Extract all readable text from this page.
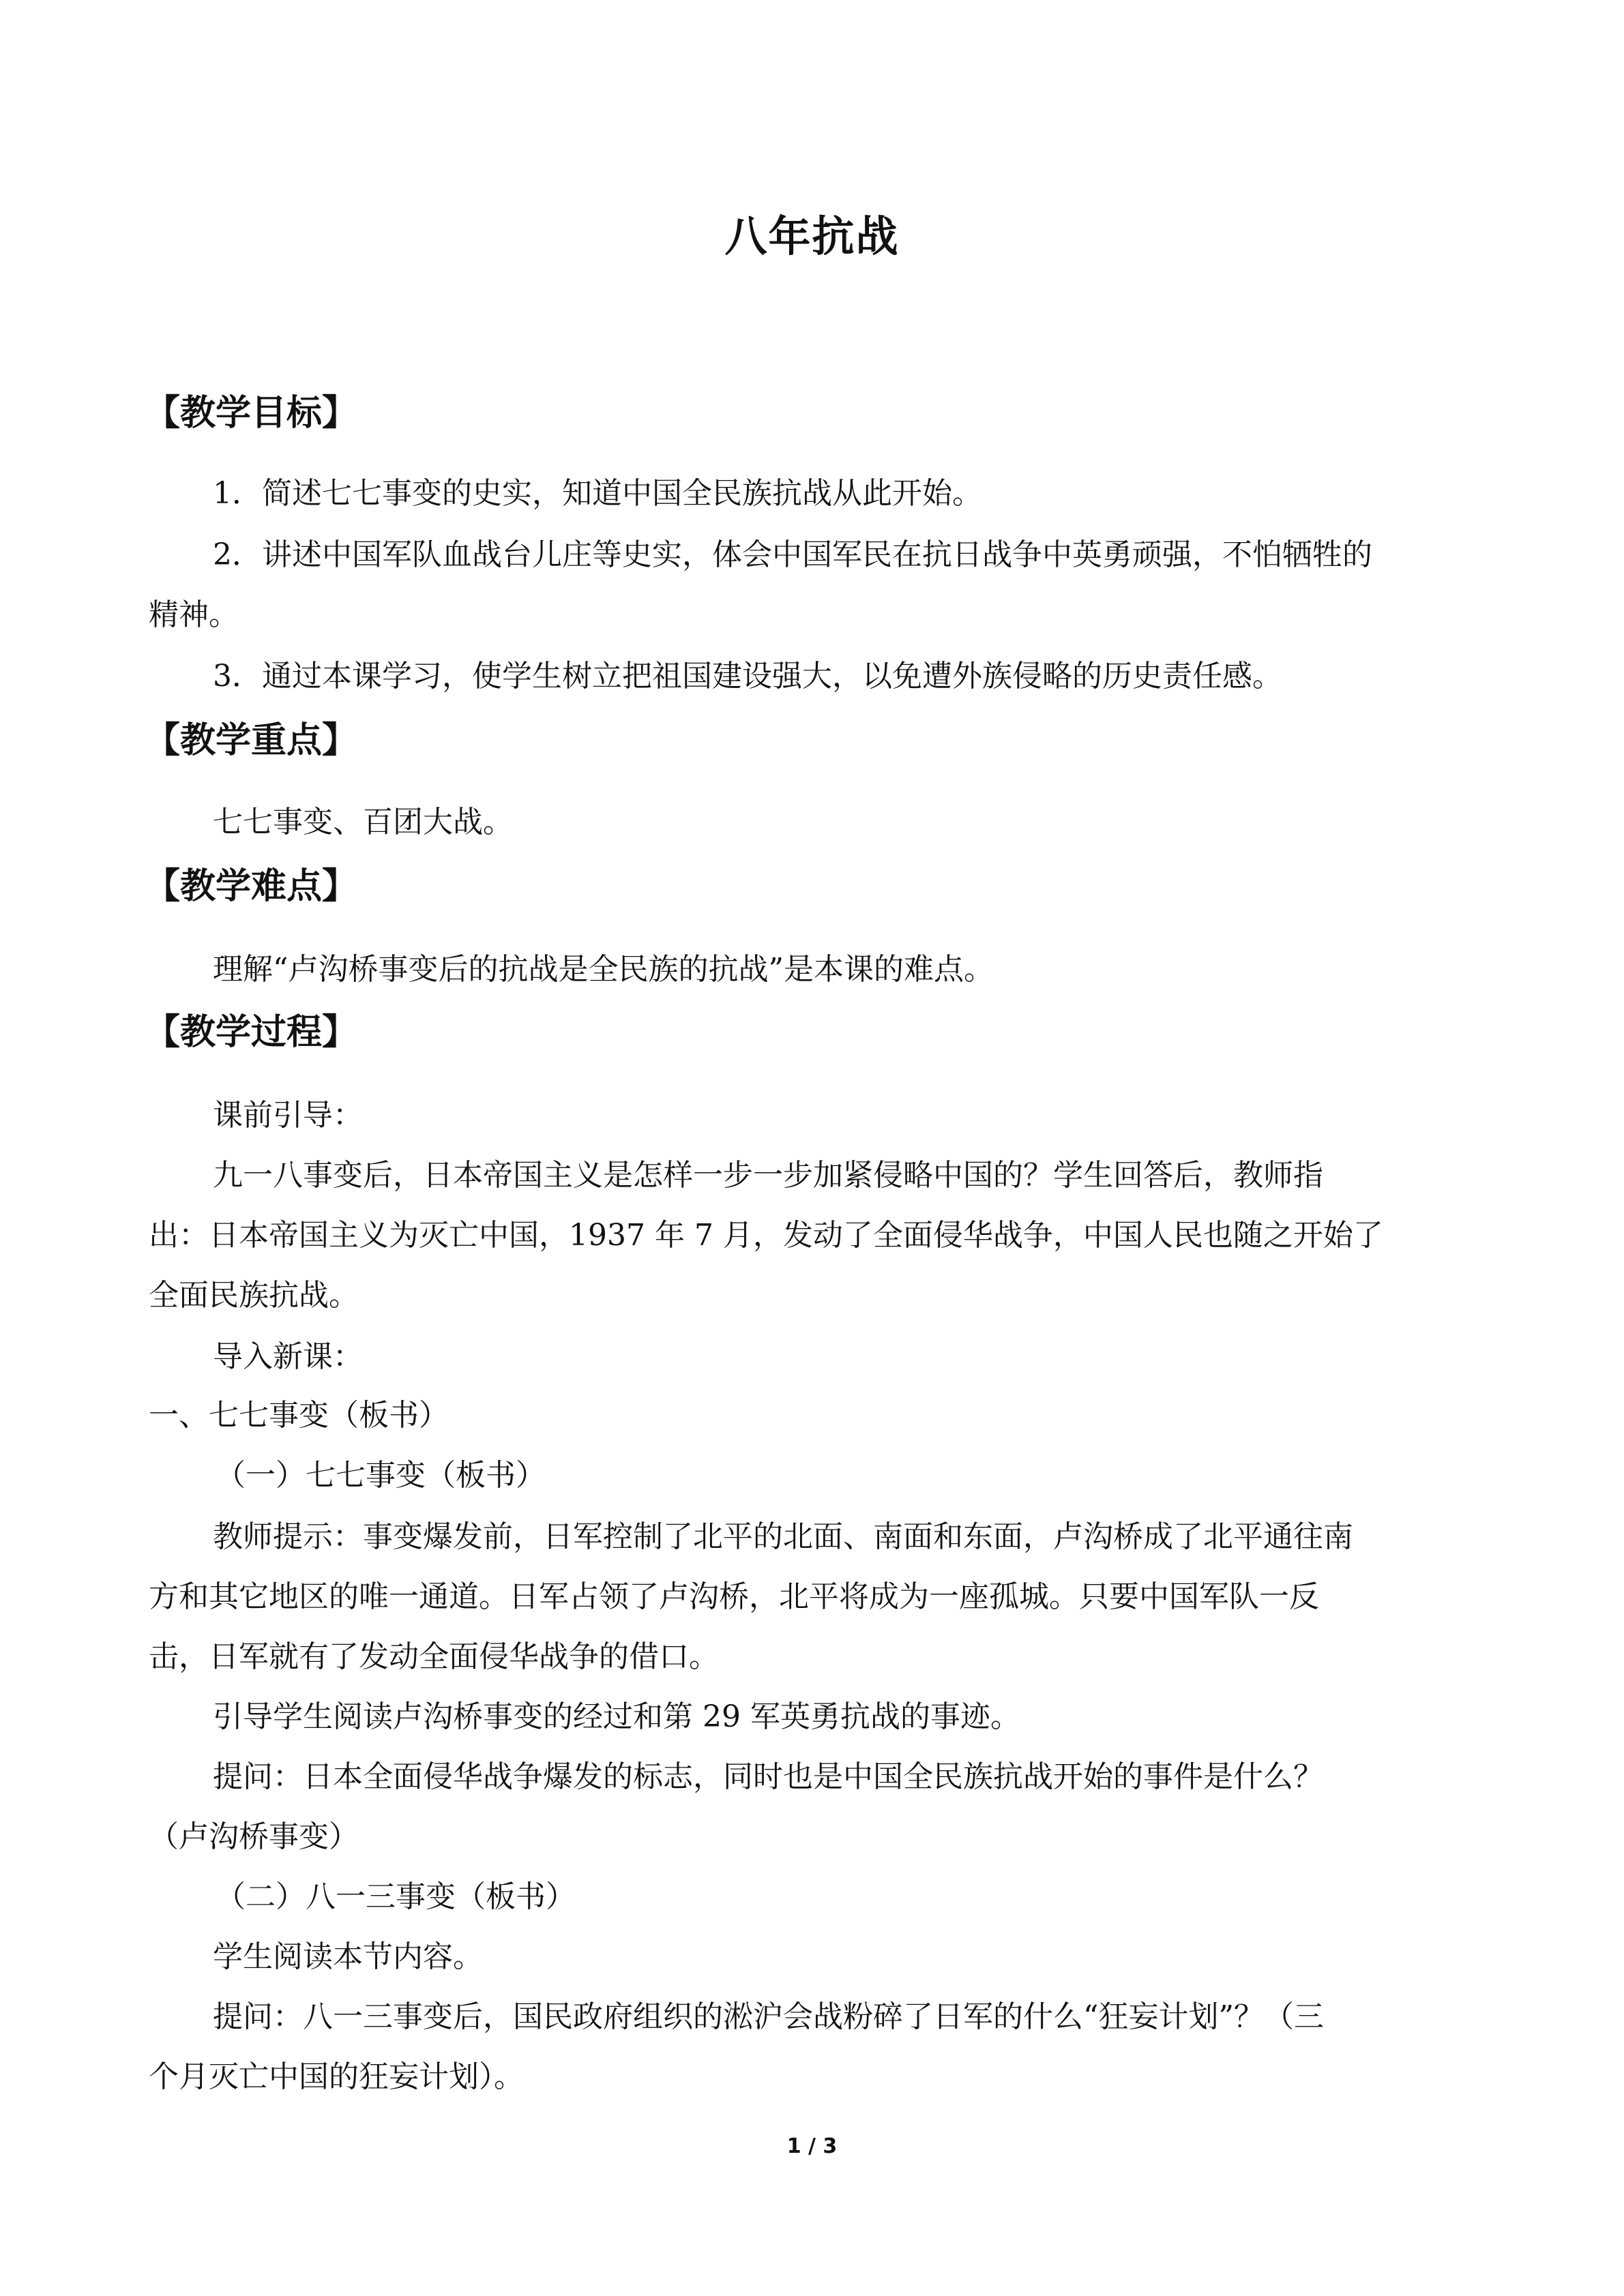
八年抗战
【教学目标】
1．简述七七事变的史实，知道中国全民族抗战从此开始。
2．讲述中国军队血战台儿庄等史实，体会中国军民在抗日战争中英勇顽强，不怕牺牲的
精神。
3．通过本课学习，使学生树立把祖国建设强大，以免遭外族侵略的历史责任感。
【教学重点】
七七事变、百团大战。
【教学难点】
理解“卢沟桥事变后的抗战是全民族的抗战”是本课的难点。
【教学过程】
课前引导：
九一八事变后，日本帝国主义是怎样一步一步加紧侵略中国的？学生回答后，教师指
出：日本帝国主义为灭亡中国，1937 年 7 月，发动了全面侵华战争，中国人民也随之开始了
全面民族抗战。
导入新课：
一、七七事变（板书）
（一）七七事变（板书）
教师提示：事变爆发前，日军控制了北平的北面、南面和东面，卢沟桥成了北平通往南
方和其它地区的唯一通道。日军占领了卢沟桥，北平将成为一座孤城。只要中国军队一反
击，日军就有了发动全面侵华战争的借口。
引导学生阅读卢沟桥事变的经过和第 29 军英勇抗战的事迹。
提问：日本全面侵华战争爆发的标志，同时也是中国全民族抗战开始的事件是什么？
（卢沟桥事变）
（二）八一三事变（板书）
学生阅读本节内容。
提问：八一三事变后，国民政府组织的淞沪会战粉碎了日军的什么“狂妄计划”？（三
个月灭亡中国的狂妄计划）。
1 / 3
